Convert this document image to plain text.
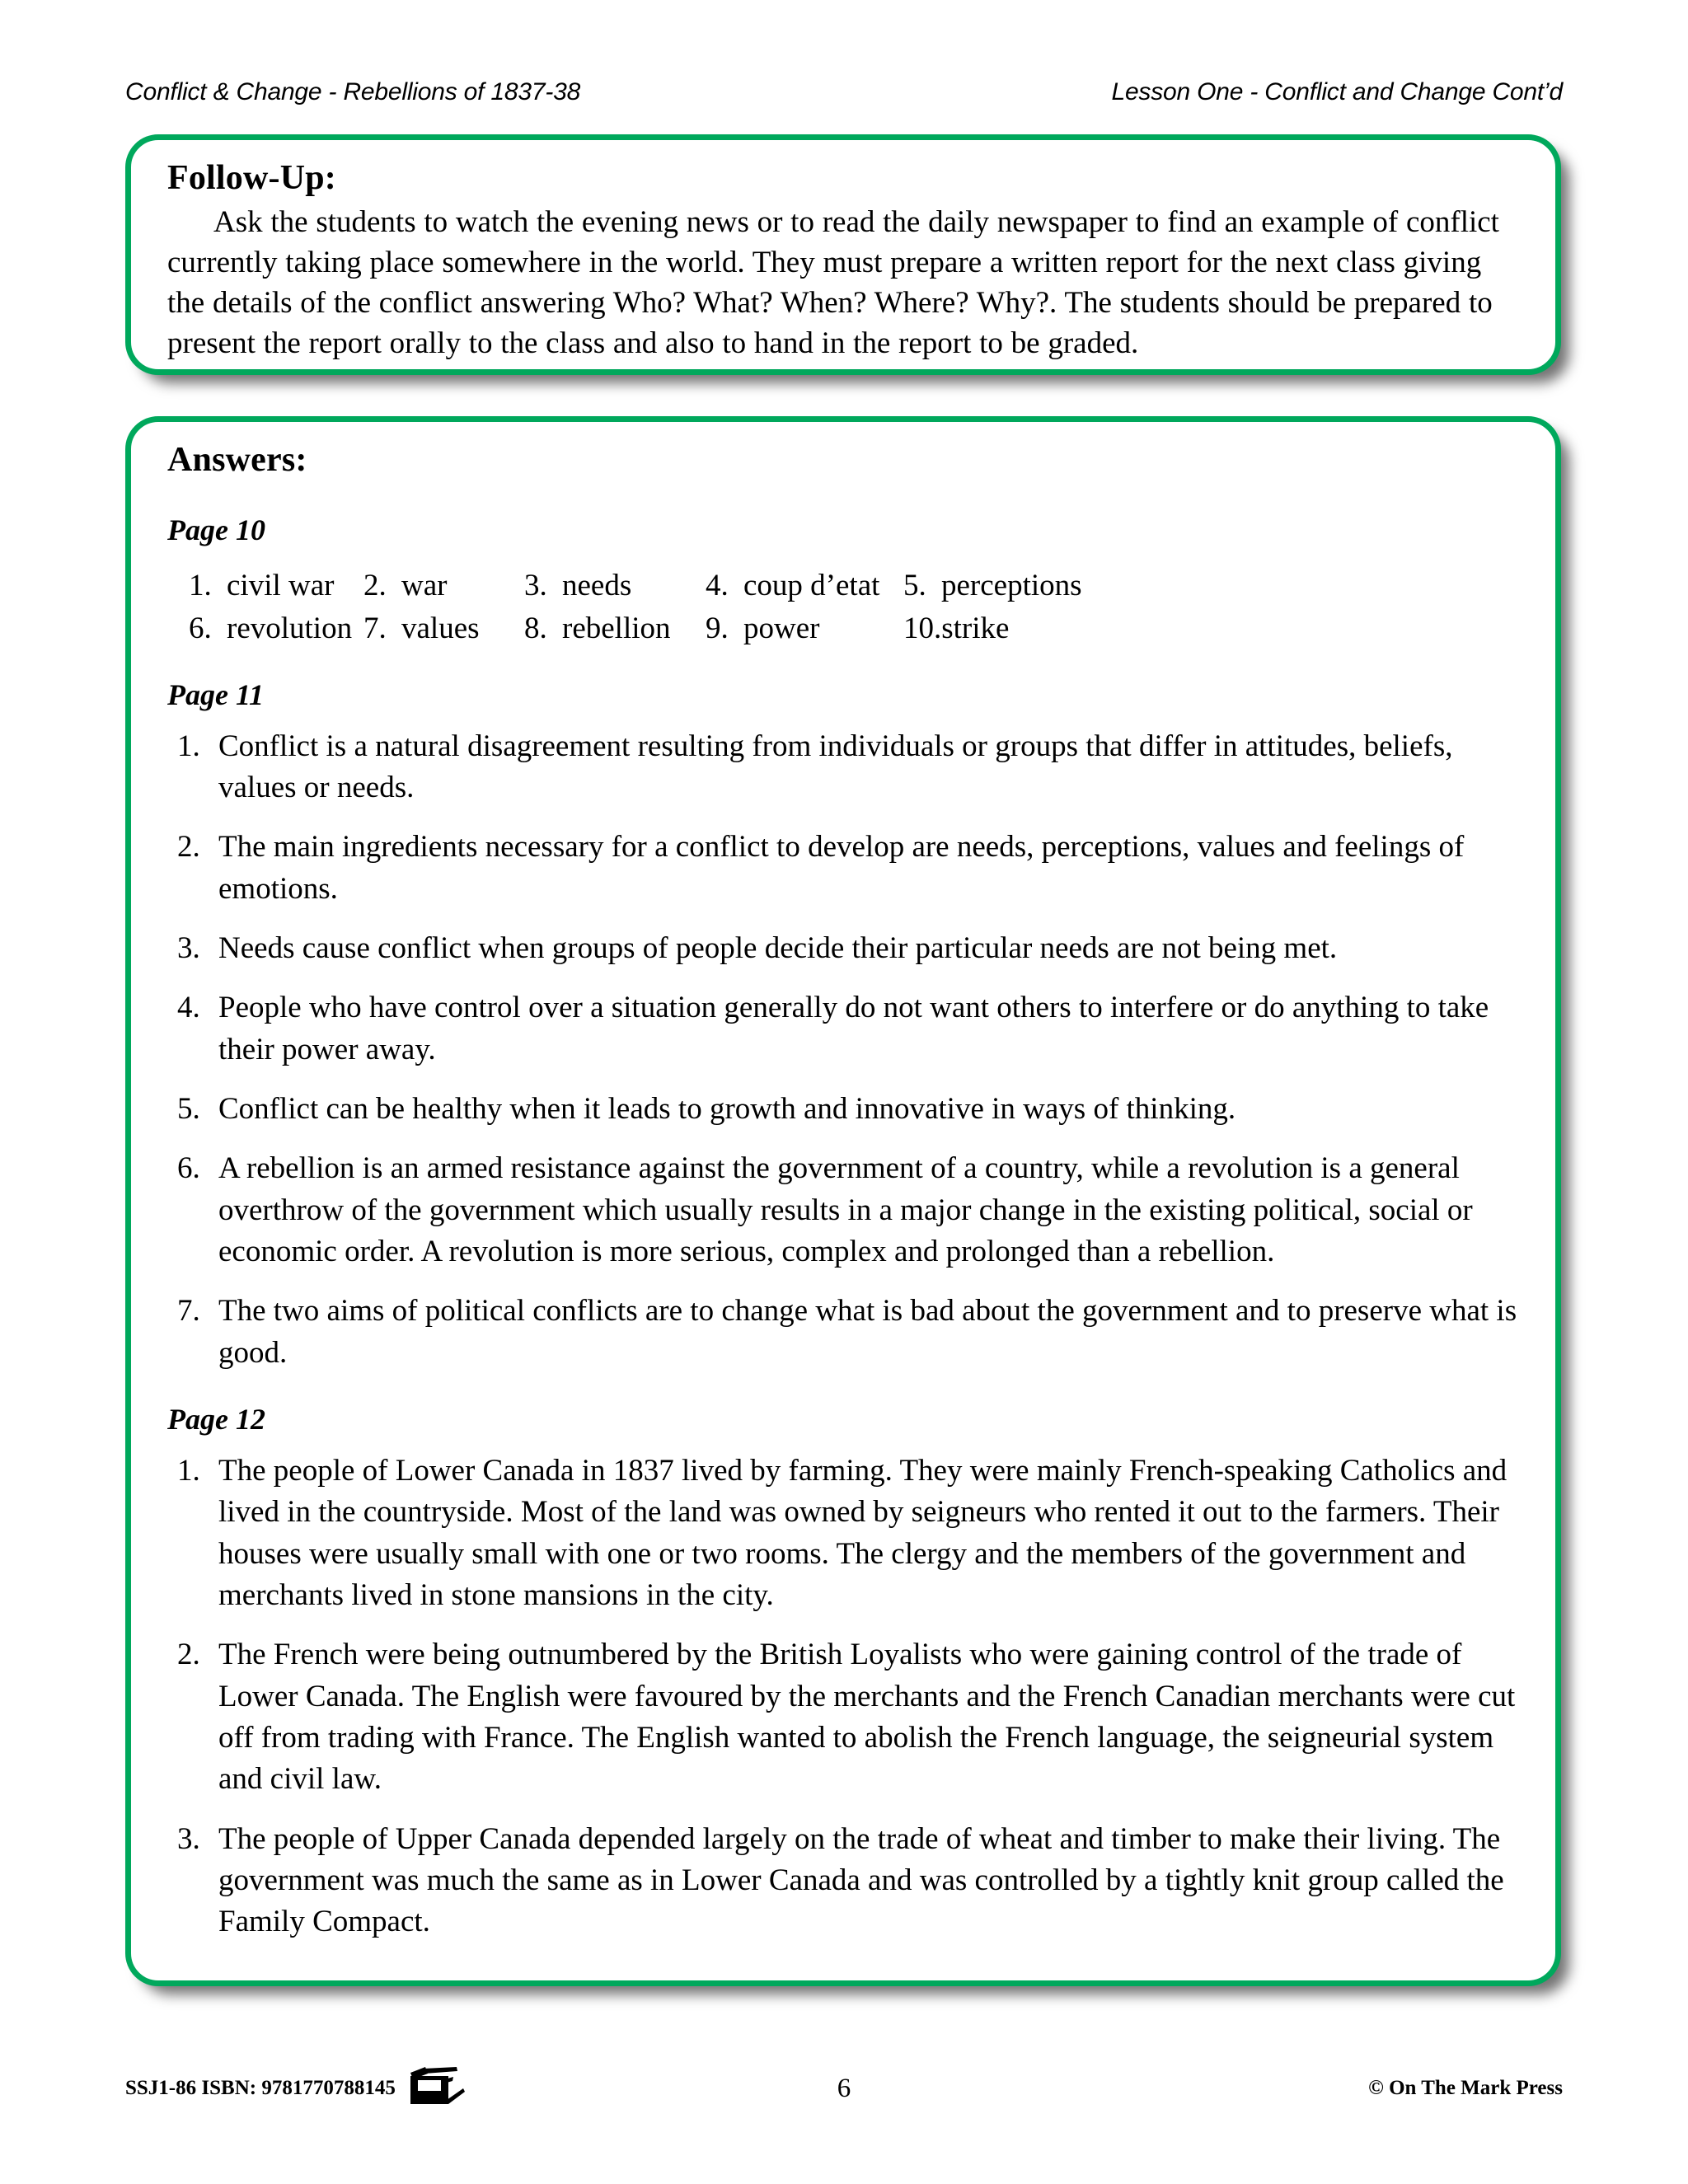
Conflict & Change - Rebellions of 1837-38	Lesson One - Conflict and Change Cont’d
Follow-Up:

Ask the students to watch the evening news or to read the daily newspaper to find an example of conflict currently taking place somewhere in the world. They must prepare a written report for the next class giving the details of the conflict answering Who? What? When? Where? Why?. The students should be prepared to present the report orally to the class and also to hand in the report to be graded.

Answers:
Page 10
1. civil war 2. war	3. needs 4. coup d’etat 5. perceptions
6. revolution 7. values 8. rebellion 9. power	10. strike
Page 11
1. Conflict is a natural disagreement resulting from individuals or groups that differ in attitudes, beliefs, values or needs.
2. The main ingredients necessary for a conflict to develop are needs, perceptions, values and feelings of emotions.
3. Needs cause conflict when groups of people decide their particular needs are not being met.
4. People who have control over a situation generally do not want others to interfere or do anything to take their power away.
5. Conflict can be healthy when it leads to growth and innovative in ways of thinking.
6. A rebellion is an armed resistance against the government of a country, while a revolution is a general overthrow of the government which usually results in a major change in the existing political, social or economic order. A revolution is more serious, complex and prolonged than a rebellion.
7. The two aims of political conflicts are to change what is bad about the government and to preserve what is good.
Page 12
1. The people of Lower Canada in 1837 lived by farming. They were mainly French-speaking Catholics and lived in the countryside. Most of the land was owned by seigneurs who rented it out to the farmers. Their houses were usually small with one or two rooms. The clergy and the members of the government and merchants lived in stone mansions in the city.
2. The French were being outnumbered by the British Loyalists who were gaining control of the trade of Lower Canada. The English were favoured by the merchants and the French Canadian merchants were cut off from trading with France. The English wanted to abolish the French language, the seigneurial system and civil law.
3. The people of Upper Canada depended largely on the trade of wheat and timber to make their living. The government was much the same as in Lower Canada and was controlled by a tightly knit group called the Family Compact.
SSJ1-86 ISBN: 9781770788145	6	© On The Mark Press
